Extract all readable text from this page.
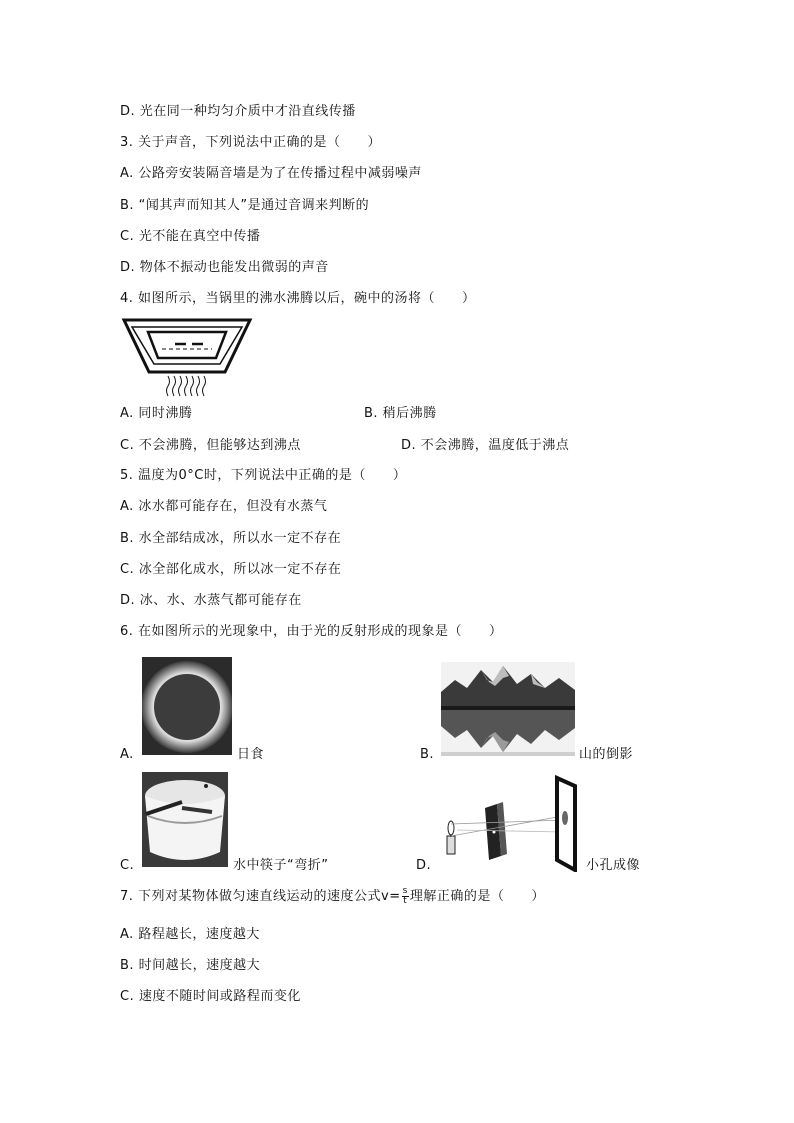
D. 光在同一种均匀介质中才沿直线传播
3. 关于声音，下列说法中正确的是（　　）
A. 公路旁安装隔音墙是为了在传播过程中减弱噪声
B. “闻其声而知其人”是通过音调来判断的
C. 光不能在真空中传播
D. 物体不振动也能发出微弱的声音
4. 如图所示，当锅里的沸水沸腾以后，碗中的汤将（　　）
A. 同时沸腾	B. 稍后沸腾
C. 不会沸腾，但能够达到沸点	D. 不会沸腾，温度低于沸点
5. 温度为0°C时，下列说法中正确的是（　　）
A. 冰水都可能存在，但没有水蒸气
B. 水全部结成冰，所以水一定不存在
C. 冰全部化成水，所以冰一定不存在
D. 冰、水、水蒸气都可能存在
6. 在如图所示的光现象中，由于光的反射形成的现象是（　　）
A.	日食	B.	山的倒影
C.	水中筷子“弯折”	D.	小孔成像
7. 下列对某物体做匀速直线运动的速度公式$v= \frac{s}{t}$ 理解正确的是（　　）
A. 路程越长，速度越大
B. 时间越长，速度越大
C. 速度不随时间或路程而变化
